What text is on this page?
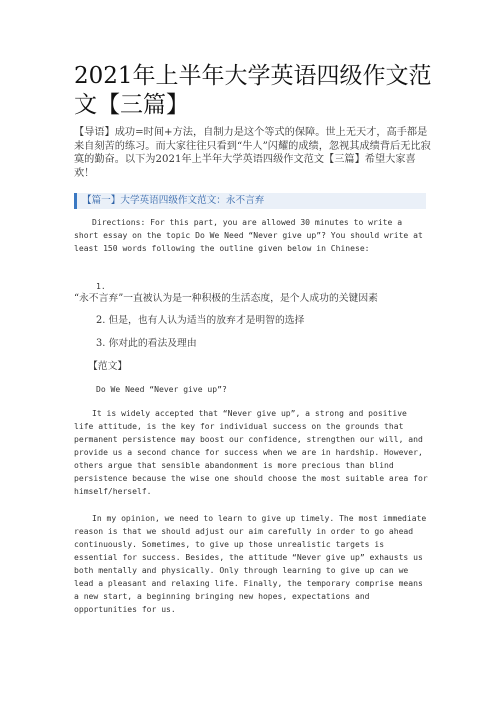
2021年上半年大学英语四级作文范文【三篇】

【导语】成功=时间+方法，自制力是这个等式的保障。世上无天才，高手都是来自刻苦的练习。而大家往往只看到“牛人”闪耀的成绩，忽视其成绩背后无比寂寞的勤奋。以下为2021年上半年大学英语四级作文范文【三篇】希望大家喜欢！

【篇一】大学英语四级作文范文：永不言弃

Directions: For this part, you are allowed 30 minutes to write a short essay on the topic Do We Need “Never give up”? You should write at least 150 words following the outline given below in Chinese:

1.

“永不言弃”一直被认为是一种积极的生活态度，是个人成功的关键因素

2. 但是，也有人认为适当的放弃才是明智的选择

3. 你对此的看法及理由

【范文】

Do We Need “Never give up”?

It is widely accepted that “Never give up”, a strong and positive life attitude, is the key for individual success on the grounds that permanent persistence may boost our confidence, strengthen our will, and provide us a second chance for success when we are in hardship. However, others argue that sensible abandonment is more precious than blind persistence because the wise one should choose the most suitable area for himself/herself.

In my opinion, we need to learn to give up timely. The most immediate reason is that we should adjust our aim carefully in order to go ahead continuously. Sometimes, to give up those unrealistic targets is essential for success. Besides, the attitude “Never give up” exhausts us both mentally and physically. Only through learning to give up can we lead a pleasant and relaxing life. Finally, the temporary comprise means a new start, a beginning bringing new hopes, expectations and opportunities for us.
